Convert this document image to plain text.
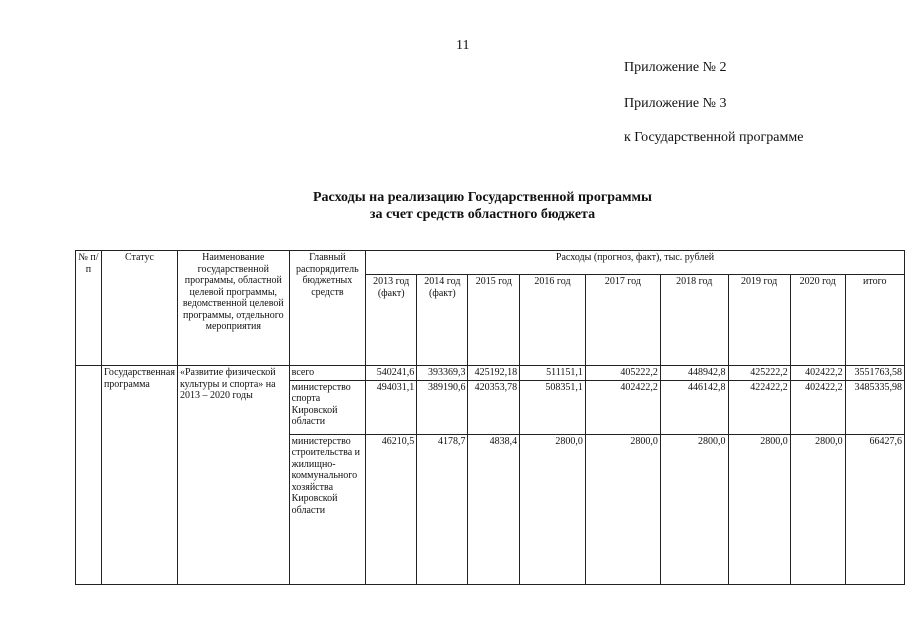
11
Приложение № 2
Приложение № 3
к Государственной программе
Расходы на реализацию Государственной программы
за счет средств областного бюджета
№ п/п	Статус	Наименование государственной программы, областной целевой программы, ведомственной целевой программы, отдельного мероприятия	Главный распорядитель бюджетных средств	Расходы (прогноз, факт), тыс. рублей								
				2013 год (факт)	2014 год (факт)	2015 год	2016 год	2017 год	2018 год	2019 год	2020 год	итого
	Государственная программа	«Развитие физической культуры и спорта» на 2013 – 2020 годы	всего	540241,6	393369,3	425192,18	511151,1	405222,2	448942,8	425222,2	402422,2	3551763,58
			министерство спорта Кировской области	494031,1	389190,6	420353,78	508351,1	402422,2	446142,8	422422,2	402422,2	3485335,98
			министерство строительства и жилищно-коммунального хозяйства Кировской области	46210,5	4178,7	4838,4	2800,0	2800,0	2800,0	2800,0	2800,0	66427,6
